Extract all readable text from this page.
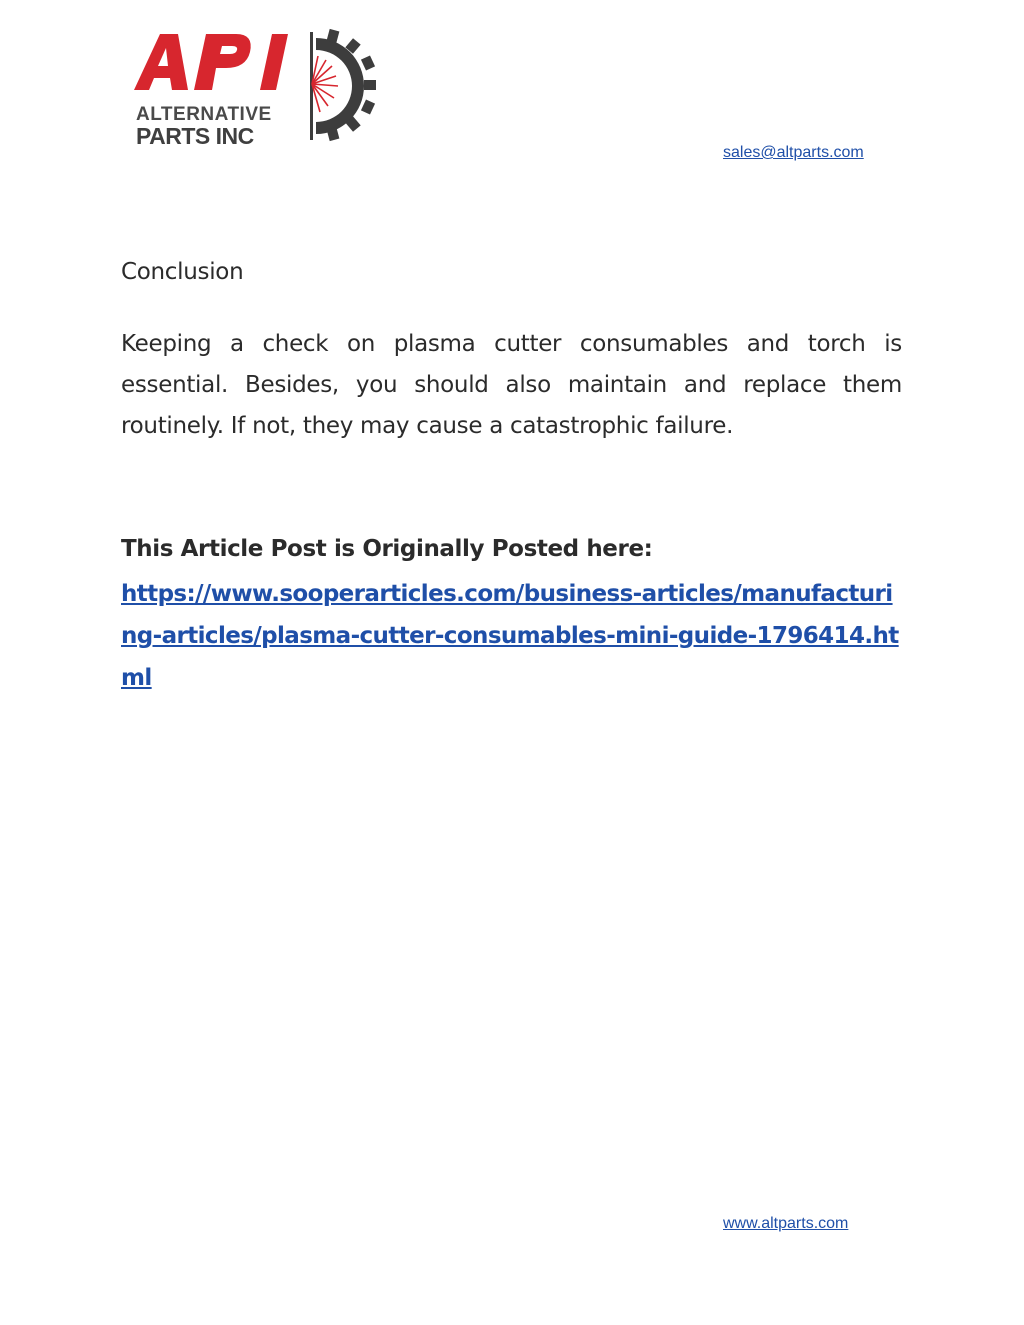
ALTERNATIVE
PARTS INC
sales@altparts.com
Conclusion

Keeping a check on plasma cutter consumables and torch is essential. Besides, you should also maintain and replace them routinely. If not, they may cause a catastrophic failure.

This Article Post is Originally Posted here:
https://www.sooperarticles.com/business-articles/manufacturing-articles/plasma-cutter-consumables-mini-guide-1796414.html
www.altparts.com
